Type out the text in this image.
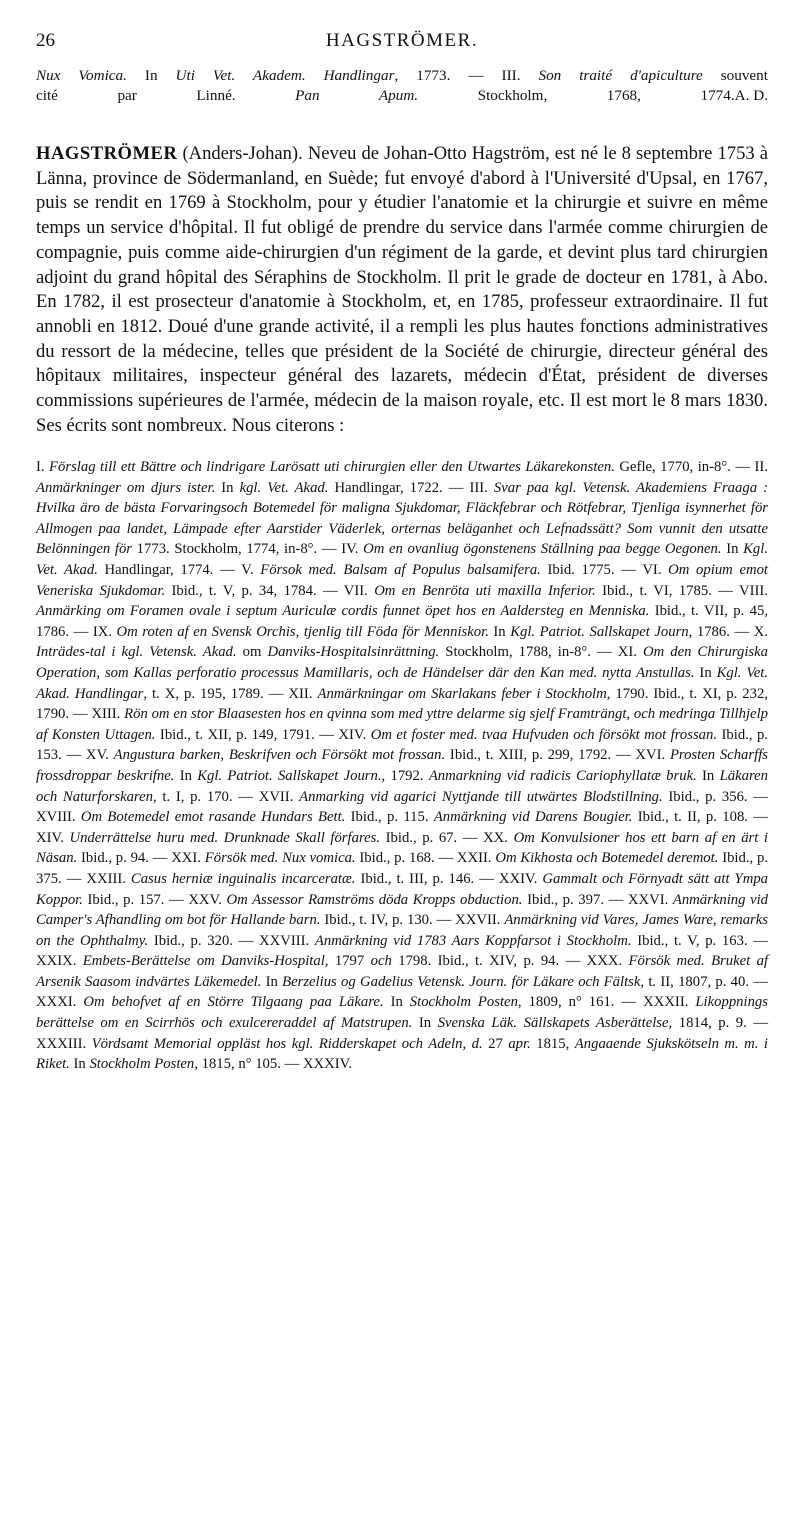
26	HAGSTRÖMER.
Nux Vomica. In Uti Vet. Akadem. Handlingar, 1773. — III. Son traité d'apiculture souvent
cité par Linné. Pan Apum. Stockholm, 1768, 1774. A. D.

HAGSTRÖMER (Anders-Johan). Neveu de Johan-Otto Hagström, est né le 8 septembre 1753 à Länna, province de Södermanland, en Suède; fut envoyé d'abord à l'Université d'Upsal, en 1767, puis se rendit en 1769 à Stockholm, pour y étudier l'anatomie et la chirurgie et suivre en même temps un service d'hôpital. Il fut obligé de prendre du service dans l'armée comme chirurgien de compagnie, puis comme aide-chirurgien d'un régiment de la garde, et devint plus tard chirurgien adjoint du grand hôpital des Séraphins de Stockholm. Il prit le grade de docteur en 1781, à Abo. En 1782, il est prosecteur d'anatomie à Stockholm, et, en 1785, professeur extraordinaire. Il fut annobli en 1812. Doué d'une grande activité, il a rempli les plus hautes fonctions administratives du ressort de la médecine, telles que président de la Société de chirurgie, directeur général des hôpitaux militaires, inspecteur général des lazarets, médecin d'État, président de diverses commissions supérieures de l'armée, médecin de la maison royale, etc. Il est mort le 8 mars 1830. Ses écrits sont nombreux. Nous citerons :

I. Förslag till ett Bättre och lindrigare Larösatt uti chirurgien eller den Utwartes Läkarekonsten. Gefle, 1770, in-8°. — II. Anmärkninger om djurs ister. In kgl. Vet. Akad. Handlingar, 1722. — III. Svar paa kgl. Vetensk. Akademiens Fraaga : Hvilka äro de bästa Forvaringsoch Botemedel för maligna Sjukdomar, Fläckfebrar och Rötfebrar, Tjenliga isynnerhet för Allmogen paa landet, Lämpade efter Aarstider Väderlek, orternas beläganhet och Lefnadssätt? Som vunnit den utsatte Belönningen för 1773. Stockholm, 1774, in-8°. — IV. Om en ovanliug ögonstenens Ställning paa begge Oegonen. In Kgl. Vet. Akad. Handlingar, 1774. — V. Försok med. Balsam af Populus balsamifera. Ibid. 1775. — VI. Om opium emot Veneriska Sjukdomar. Ibid., t. V, p. 34, 1784. — VII. Om en Benröta uti maxilla Inferior. Ibid., t. VI, 1785. — VIII. Anmärking om Foramen ovale i septum Auriculæ cordis funnet öpet hos en Aaldersteg en Menniska. Ibid., t. VII, p. 45, 1786. — IX. Om roten af en Svensk Orchis, tjenlig till Föda för Menniskor. In Kgl. Patriot. Sallskapet Journ, 1786. — X. Inträdes-tal i kgl. Vetensk. Akad. om Danviks-Hospitalsinrättning. Stockholm, 1788, in-8°. — XI. Om den Chirurgiska Operation, som Kallas perforatio processus Mamillaris, och de Händelser där den Kan med. nytta Anstullas. In Kgl. Vet. Akad. Handlingar, t. X, p. 195, 1789. — XII. Anmärkningar om Skarlakans feber i Stockholm, 1790. Ibid., t. XI, p. 232, 1790. — XIII. Rön om en stor Blaasesten hos en qvinna som med yttre delarme sig sjelf Framträngt, och medringa Tillhjelp af Konsten Uttagen. Ibid., t. XII, p. 149, 1791. — XIV. Om et foster med. tvaa Hufvuden och försökt mot frossan. Ibid., p. 153. — XV. Angustura barken, Beskrifven och Försökt mot frossan. Ibid., t. XIII, p. 299, 1792. — XVI. Prosten Scharffs frossdroppar beskrifne. In Kgl. Patriot. Sallskapet Journ., 1792. Anmarkning vid radicis Cariophyllatæ bruk. In Läkaren och Naturforskaren, t. I, p. 170. — XVII. Anmarking vid agarici Nyttjande till utwärtes Blodstillning. Ibid., p. 356. — XVIII. Om Botemedel emot rasande Hundars Bett. Ibid., p. 115. Anmärkning vid Darens Bougier. Ibid., t. II, p. 108. — XIV. Underrättelse huru med. Drunknade Skall förfares. Ibid., p. 67. — XX. Om Konvulsioner hos ett barn af en ärt i Näsan. Ibid., p. 94. — XXI. Försök med. Nux vomica. Ibid., p. 168. — XXII. Om Kikhosta och Botemedel deremot. Ibid., p. 375. — XXIII. Casus herniæ inguinalis incarceratæ. Ibid., t. III, p. 146. — XXIV. Gammalt och Förnyadt sätt att Ympa Koppor. Ibid., p. 157. — XXV. Om Assessor Ramströms döda Kropps obduction. Ibid., p. 397. — XXVI. Anmärkning vid Camper's Afhandling om bot för Hallande barn. Ibid., t. IV, p. 130. — XXVII. Anmärkning vid Vares, James Ware, remarks on the Ophthalmy. Ibid., p. 320. — XXVIII. Anmärkning vid 1783 Aars Koppfarsot i Stockholm. Ibid., t. V, p. 163. — XXIX. Embets-Berättelse om Danviks-Hospital, 1797 och 1798. Ibid., t. XIV, p. 94. — XXX. Försök med. Bruket af Arsenik Saasom indvärtes Läkemedel. In Berzelius og Gadelius Vetensk. Journ. för Läkare och Fältsk, t. II, 1807, p. 40. — XXXI. Om behofvet af en Större Tilgaang paa Läkare. In Stockholm Posten, 1809, n° 161. — XXXII. Likoppnings berättelse om en Scirrhös och exulcereraddel af Matstrupen. In Svenska Läk. Sällskapets Asberättelse, 1814, p. 9. — XXXIII. Vördsamt Memorial oppläst hos kgl. Ridderskapet och Adeln, d. 27 apr. 1815, Angaaende Sjukskötseln m. m. i Riket. In Stockholm Posten, 1815, n° 105. — XXXIV.
